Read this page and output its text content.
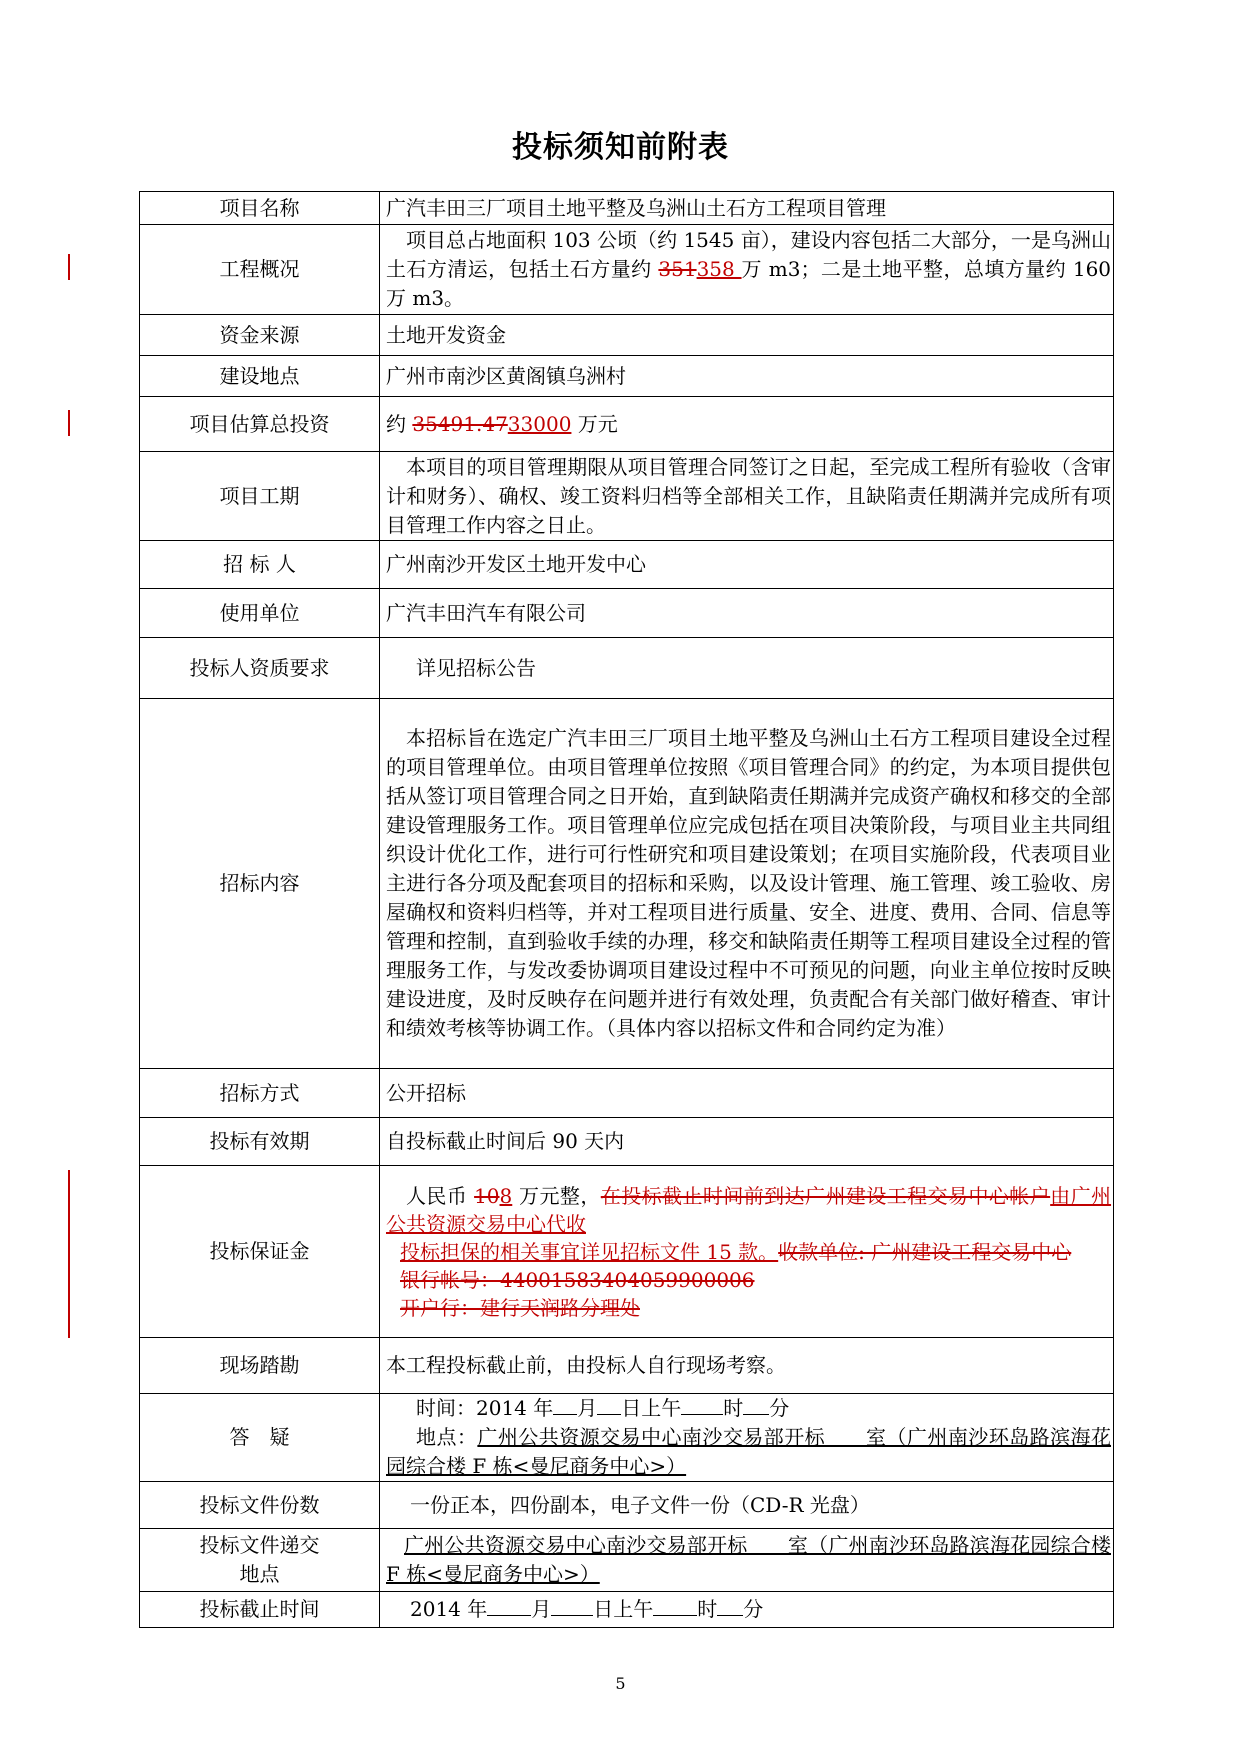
投标须知前附表
项目名称	广汽丰田三厂项目土地平整及乌洲山土石方工程项目管理
工程概况	项目总占地面积 103 公顷（约 1545 亩），建设内容包括二大部分，一是乌洲山土石方清运，包括土石方量约 351358 万 m3；二是土地平整，总填方量约 160 万 m3。
资金来源	土地开发资金
建设地点	广州市南沙区黄阁镇乌洲村
项目估算总投资	约 35491.4733000 万元
项目工期	本项目的项目管理期限从项目管理合同签订之日起，至完成工程所有验收（含审计和财务）、确权、竣工资料归档等全部相关工作，且缺陷责任期满并完成所有项目管理工作内容之日止。
招 标 人	广州南沙开发区土地开发中心
使用单位	广汽丰田汽车有限公司
投标人资质要求	详见招标公告
招标内容	本招标旨在选定广汽丰田三厂项目土地平整及乌洲山土石方工程项目建设全过程的项目管理单位。由项目管理单位按照《项目管理合同》的约定，为本项目提供包括从签订项目管理合同之日开始，直到缺陷责任期满并完成资产确权和移交的全部建设管理服务工作。项目管理单位应完成包括在项目决策阶段，与项目业主共同组织设计优化工作，进行可行性研究和项目建设策划；在项目实施阶段，代表项目业主进行各分项及配套项目的招标和采购，以及设计管理、施工管理、竣工验收、房屋确权和资料归档等，并对工程项目进行质量、安全、进度、费用、合同、信息等管理和控制，直到验收手续的办理，移交和缺陷责任期等工程项目建设全过程的管理服务工作，与发改委协调项目建设过程中不可预见的问题，向业主单位按时反映建设进度，及时反映存在问题并进行有效处理，负责配合有关部门做好稽查、审计和绩效考核等协调工作。（具体内容以招标文件和合同约定为准）
招标方式	公开招标
投标有效期	自投标截止时间后 90 天内
投标保证金	人民币 108 万元整，在投标截止时间前到达广州建设工程交易中心帐户由广州公共资源交易中心代收
投标担保的相关事宜详见招标文件 15 款。收款单位: 广州建设工程交易中心
银行帐号：44001583404059900006
开户行：建行天润路分理处

现场踏勘	本工程投标截止前，由投标人自行现场考察。
答　疑	时间：2014 年 月 日上午 时 分
地点：广州公共资源交易中心南沙交易部开标　　室（广州南沙环岛路滨海花园综合楼 F 栋<曼尼商务中心>）

投标文件份数	一份正本，四份副本，电子文件一份（CD-R 光盘）
投标文件递交地点	广州公共资源交易中心南沙交易部开标　　室（广州南沙环岛路滨海花园综合楼 F 栋<曼尼商务中心>）
投标截止时间	2014 年 月 日上午 时 分
5
